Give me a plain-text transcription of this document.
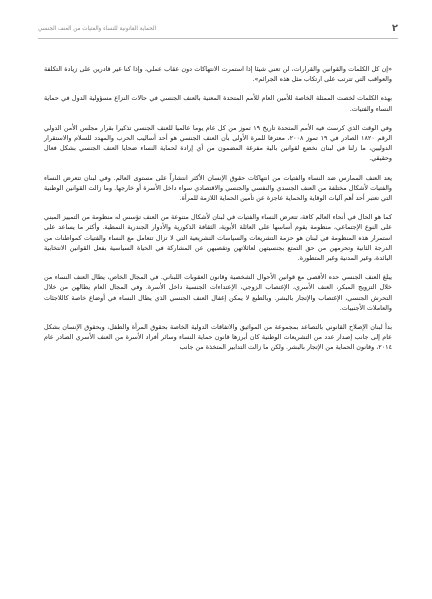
٢
الحماية القانونية للنساء والفتيات من العنف الجنسي

«إن كل الكلمات والقوانين والقرارات، لن تعني شيئا إذا استمرت الانتهاكات دون عقاب عملي، وإذا كنا غير قادرين على زيادة التكلفة والعواقب التي تترتب على ارتكاب مثل هذه الجرائم».

بهذه الكلمات لخصت الممثلة الخاصة للأمين العام للأمم المتحدة المعنية بالعنف الجنسي في حالات النزاع مسؤولية الدول في حماية النساء والفتيات.

وفي الوقت الذي كرست فيه الأمم المتحدة تاريخ ١٩ تموز من كل عام يوما عالميا للعنف الجنسي تذكيرا بقرار مجلس الأمن الدولي الرقم ١٨٢٠ الصادر في ١٩ تموز ٢٠٠٨، معترفا للمرة الأولى بأن العنف الجنسي هو أحد أساليب الحرب والمهدد للسلام والاستقرار الدوليين، ما زلنا في لبنان نخضع لقوانين بالية مفرغة المضمون من أي إرادة لحماية النساء ضحايا العنف الجنسي بشكل فعال وحقيقي.

يعد العنف الممارس ضد النساء والفتيات من انتهاكات حقوق الإنسان الأكثر انتشاراً على مستوى العالم. وفي لبنان تتعرض النساء والفتيات لأشكال مختلفة من العنف الجسدي والنفسي والجنسي والاقتصادي سواء داخل الأسرة أو خارجها. وما زالت القوانين الوطنية التي تعتبر أحد أهم آليات الوقاية والحماية عاجزة عن تأمين الحماية اللازمة للمرأة.

كما هو الحال في أنحاء العالم كافة، تتعرض النساء والفتيات في لبنان لأشكال متنوعة من العنف تؤسس له منظومة من التمييز المبني على النوع الإجتماعي، منظومة يقوم أساسها على العائلة الأبوية، الثقافة الذكورية والأدوار الجندرية النمطية. وأكثر ما يساعد على استمرار هذه المنظومة في لبنان هو حزمة التشريعات والسياسات التشريعية التي لا تزال تتعامل مع النساء والفتيات كمواطنات من الدرجة الثانية وتحرمهن من حق التمتع بجنسيتهن لعائلاتهن وتقصيهن عن المشاركة في الحياة السياسية بفعل القوانين الانتخابية البائدة، وغير المدنية وغير المتطورة.

يبلغ العنف الجنسي حده الأقصى مع قوانين الأحوال الشخصية وقانون العقوبات اللبناني. في المجال الخاص، يطال العنف النساء من خلال التزويج المبكر، العنف الأسري، الإغتصاب الزوجي، الإعتداءات الجنسية داخل الأسرة. وفي المجال العام يطالهن من خلال التحرش الجنسي، الإغتصاب والإتجار بالبشر. وبالطبع لا يمكن إغفال العنف الجنسي الذي يطال النساء في أوضاع خاصة كاللاجئات والعاملات الأجنبيات.

بدأ لبنان الإصلاح القانوني بالتصاعد بمجموعة من المواثيق والاتفاقات الدولية الخاصة بحقوق المرأة والطفل، وبحقوق الإنسان بشكل عام إلى جانب إصدار عدد من التشريعات الوطنية كان أبرزها قانون حماية النساء وسائر أفراد الأسرة من العنف الأسري الصادر عام ٢٠١٤، وقانون الحماية من الإتجار بالبشر. ولكن ما زالت التدابير المتخذة من جانب
